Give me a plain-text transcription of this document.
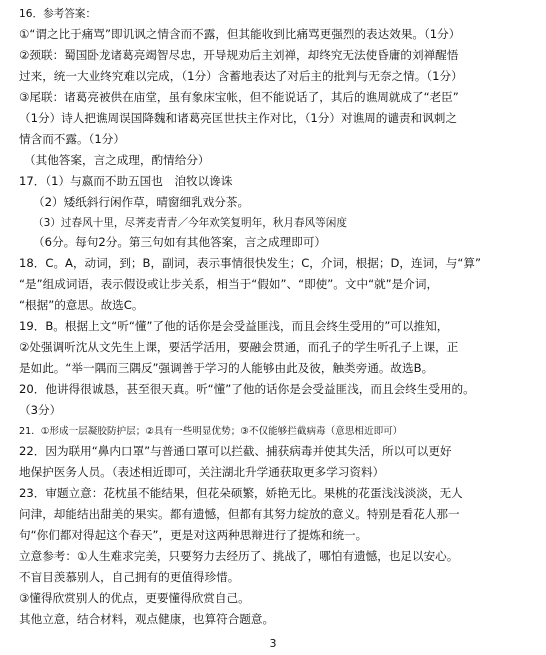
16．参考答案：
①“谓之比于痛骂”即讥讽之情含而不露，但其能收到比痛骂更强烈的表达效果。（1分）
②颈联：蜀国卧龙诸葛亮竭智尽忠，开导规劝后主刘禅，却终究无法使昏庸的刘禅醒悟
过来，统一大业终究难以完成，（1分）含蓄地表达了对后主的批判与无奈之情。（1分）
③尾联：诸葛亮被供在庙堂，虽有象床宝帐，但不能说话了，其后的谯周就成了“老臣”
（1分）诗人把谯周误国降魏和诸葛亮匡世扶主作对比，（1分）对谯周的谴责和讽刺之
情含而不露。（1分）
（其他答案，言之成理，酌情给分）
17．（1）与嬴而不助五国也　洎牧以谗诛
（2）矮纸斜行闲作草，晴窗细乳戏分茶。
（3）过春风十里，尽荠麦青青／今年欢笑复明年，秋月春风等闲度
（6分。每句2分。第三句如有其他答案，言之成理即可）
18．C。A，动词，到；B，副词，表示事情很快发生；C，介词，根据；D，连词，与“算”
“是”组成词语，表示假设或让步关系，相当于“假如”、“即使”。文中“就”是介词，
“根据”的意思。故选C。
19．B。根据上文“听“懂”了他的话你是会受益匪浅，而且会终生受用的”可以推知，
②处强调听沈从文先生上课，要活学活用，要融会贯通，而孔子的学生听孔子上课，正
是如此。“举一隅而三隅反”强调善于学习的人能够由此及彼，触类旁通。故选B。
20．他讲得很诚恳，甚至很天真。听“懂”了他的话你是会受益匪浅，而且会终生受用的。
（3分）
21．①形成一层凝胶防护层；②具有一些明显优势；③不仅能够拦截病毒（意思相近即可）
22．因为联用“鼻内口罩”与普通口罩可以拦截、捕获病毒并使其失活，所以可以更好
地保护医务人员。（表述相近即可，关注湖北升学通获取更多学习资料）
23．审题立意：花枕虽不能结果，但花朵硕繁，娇艳无比。果桃的花蛋浅浅淡淡，无人
问津，却能结出甜美的果实。都有遗憾，但都有其努力绽放的意义。特别是看花人那一
句“你们都对得起这个春天”，更是对这两种思辩进行了提炼和统一。
立意参考：①人生难求完美，只要努力去经历了、挑战了，哪怕有遗憾，也足以安心。
3
其他立意，结合材料，观点健康，也算符合题意。
不盲目羡慕别人，自己拥有的更值得珍惜。
③懂得欣赏别人的优点，更要懂得欣赏自己。
